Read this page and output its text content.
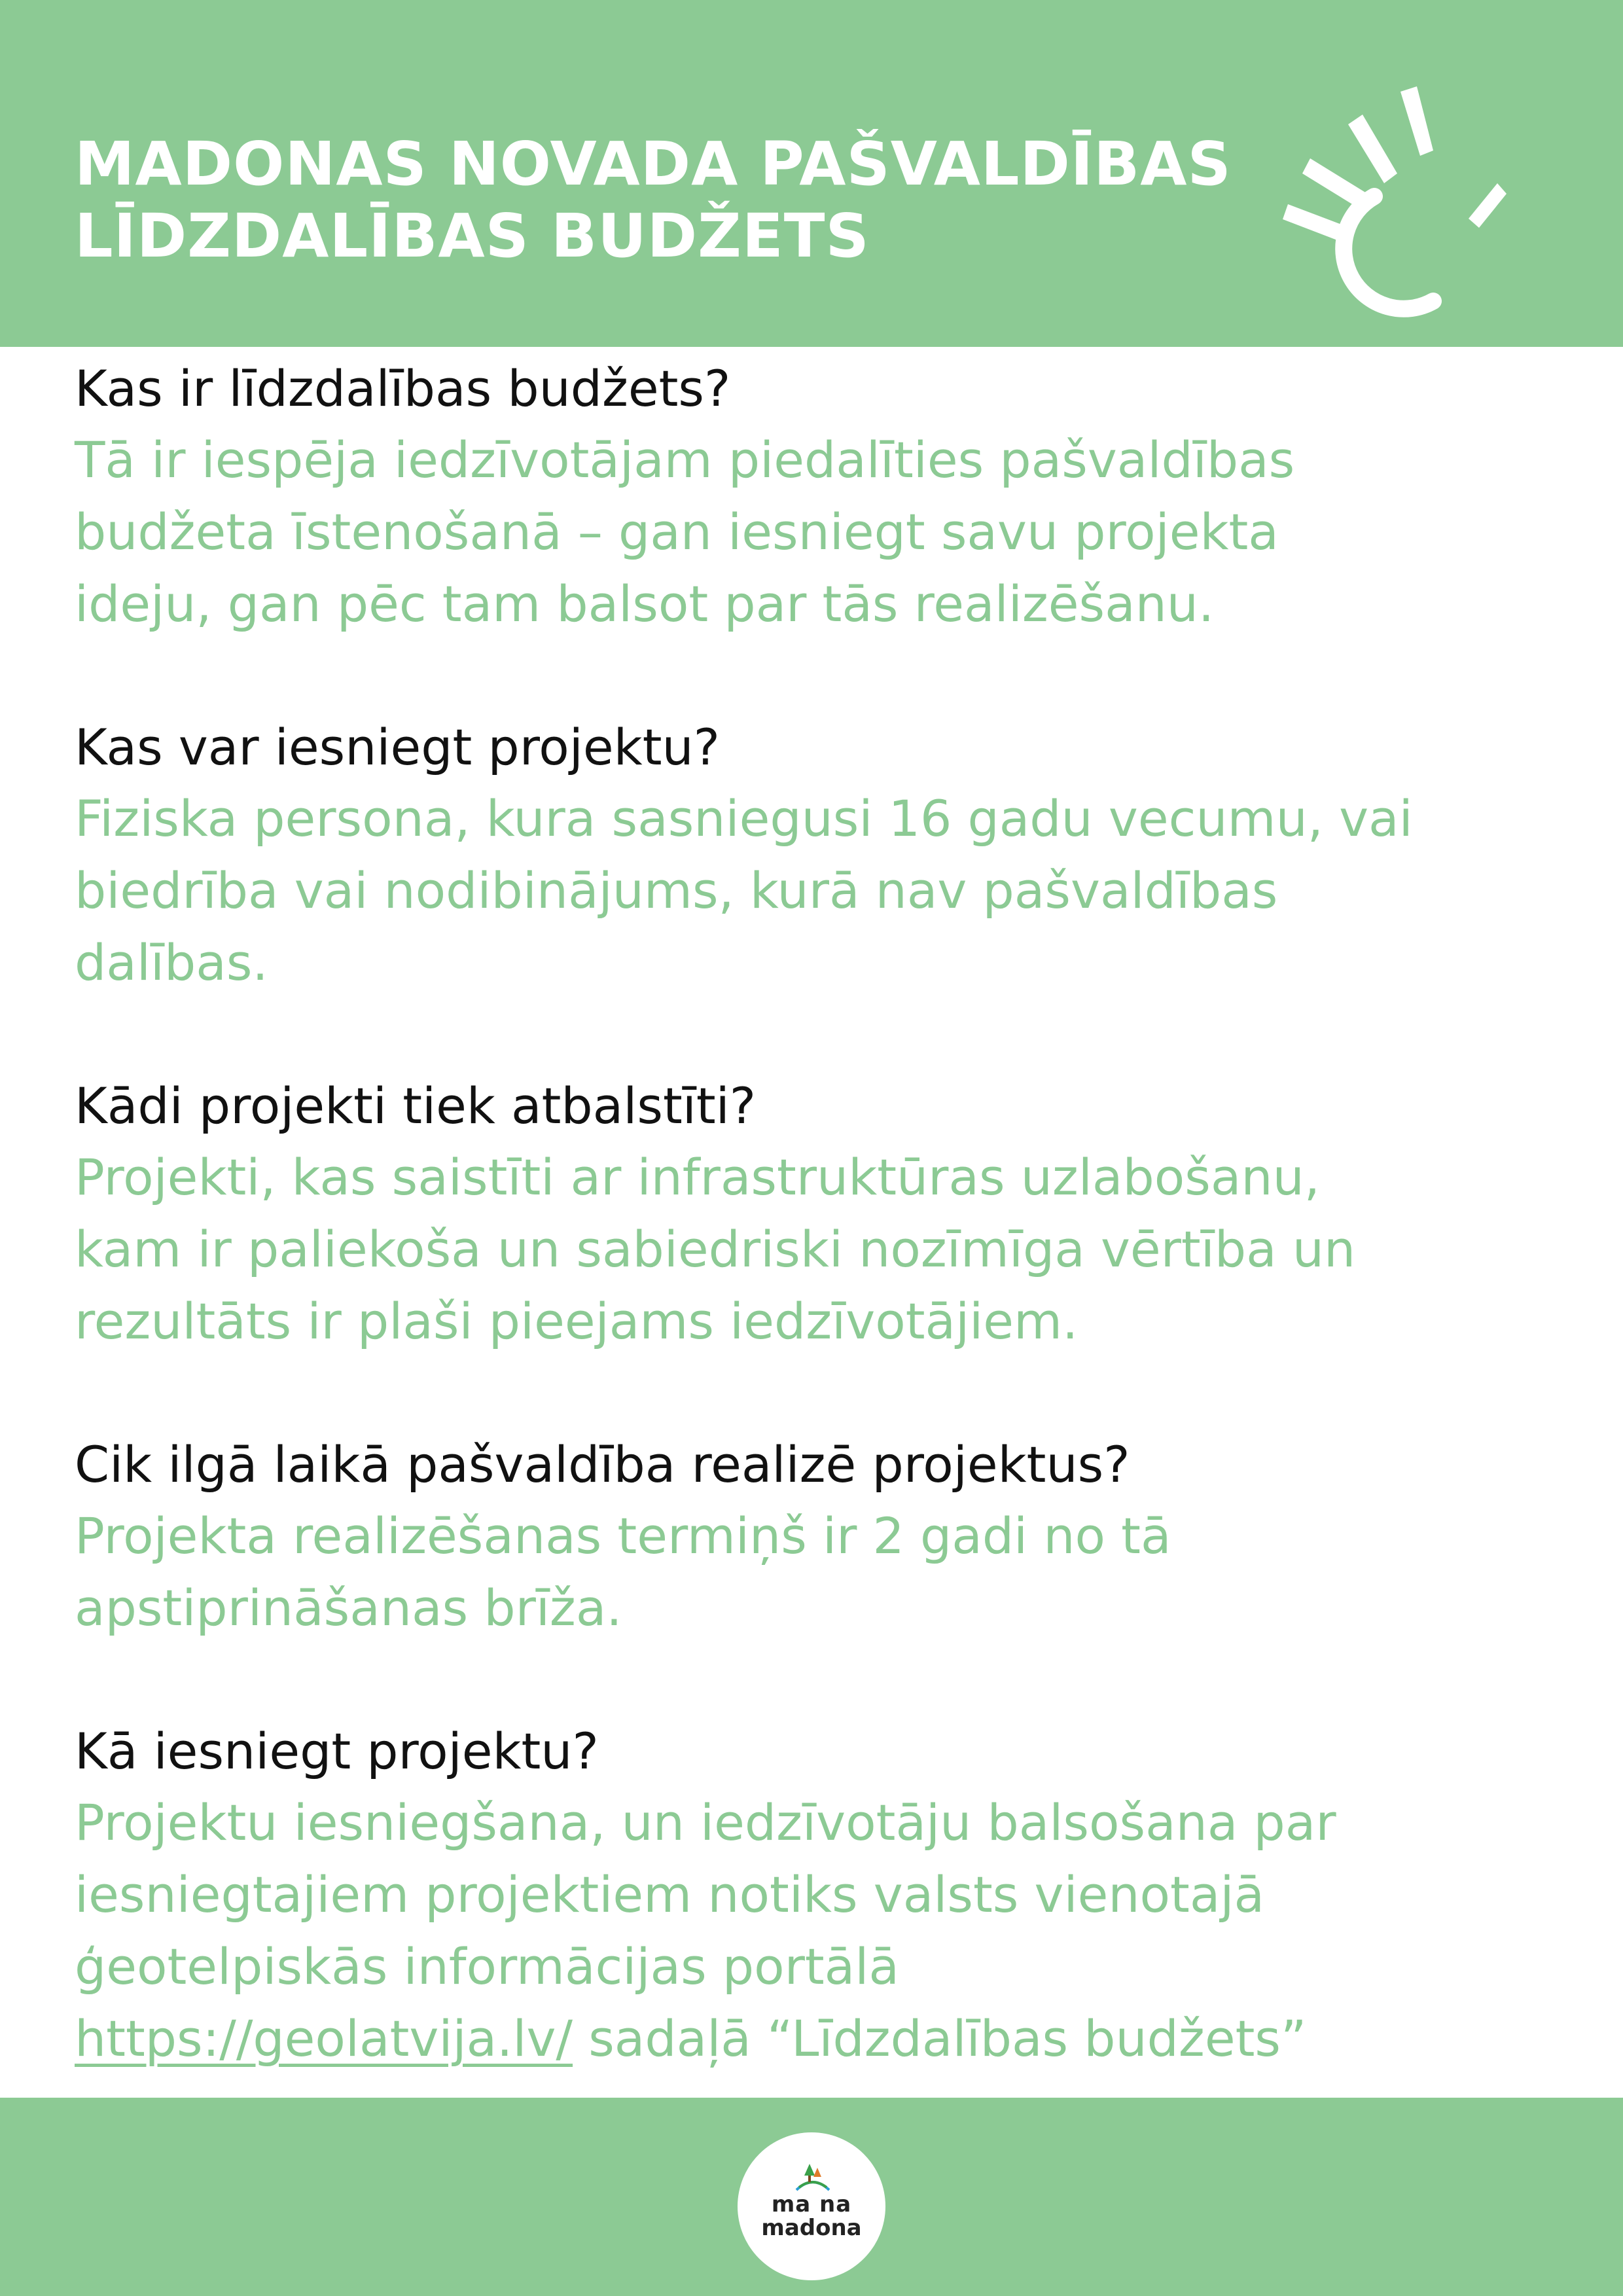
MADONAS NOVADA PAŠVALDĪBAS
LĪDZDALĪBAS BUDŽETS

Kas ir līdzdalības budžets?

Tā ir iespēja iedzīvotājam piedalīties pašvaldības
budžeta īstenošanā – gan iesniegt savu projekta
ideju, gan pēc tam balsot par tās realizēšanu.

Kas var iesniegt projektu?

Fiziska persona, kura sasniegusi 16 gadu vecumu, vai
biedrība vai nodibinājums, kurā nav pašvaldības
dalības.

Kādi projekti tiek atbalstīti?

Projekti, kas saistīti ar infrastruktūras uzlabošanu,
kam ir paliekoša un sabiedriski nozīmīga vērtība un
rezultāts ir plaši pieejams iedzīvotājiem.

Cik ilgā laikā pašvaldība realizē projektus?

Projekta realizēšanas termiņš ir 2 gadi no tā
apstiprināšanas brīža.

Kā iesniegt projektu?

Projektu iesniegšana, un iedzīvotāju balsošana par
iesniegtajiem projektiem notiks valsts vienotajā
ģeotelpiskās informācijas portālā
https://geolatvija.lv/ sadaļā “Līdzdalības budžets”

ma na
madona
